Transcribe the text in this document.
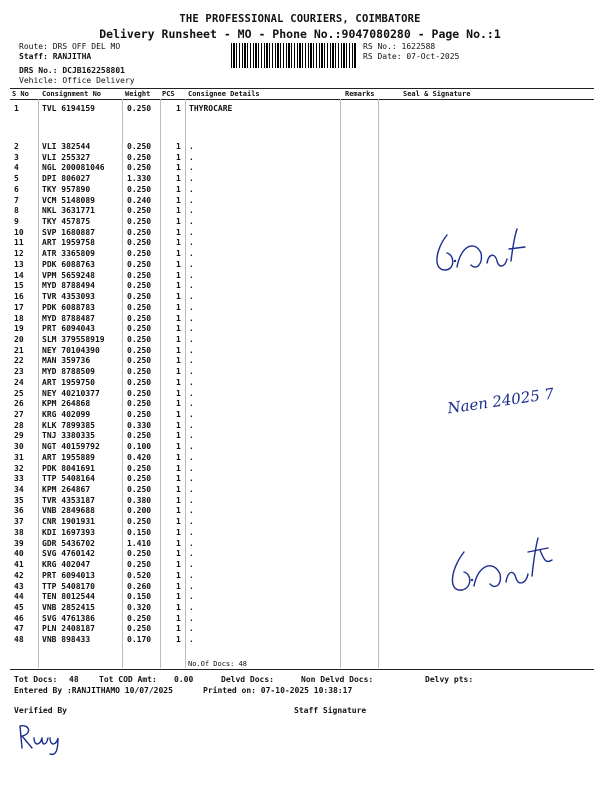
THE PROFESSIONAL COURIERS, COIMBATORE
Delivery Runsheet - MO - Phone No.:9047080280 - Page No.:1
Route: DRS OFF DEL MO
Staff: RANJITHA
DRS No.: DCJB162258801
Vehicle: Office Delivery
RS No.: 1622588
RS Date: 07-Oct-2025
S No Consignment No	Weight PCS Consignee Details	Remarks	Seal & Signature
1	TVL 6194159	0.250	1 THYROCARE
2	VLI 382544	0.250	1 .
3	VLI 255327	0.250	1 .
4	NGL 200081046	0.250	1 .
5	DPI 806027	1.330	1 .
6	TKY 957890	0.250	1 .
7	VCM 5148089	0.240	1 .
8	NKL 3631771	0.250	1 .
9	TKY 457875	0.250	1 .
10 SVP 1680887	0.250	1 .
11 ART 1959758	0.250	1 .
12 ATR 3365809	0.250	1 .
13 PDK 6088763	0.250	1 .
14 VPM 5659248	0.250	1 .
15 MYD 8788494	0.250	1 .
16 TVR 4353093	0.250	1 .
17 PDK 6088783	0.250	1 .
18 MYD 8788487	0.250	1 .
19 PRT 6094043	0.250	1 .
20 SLM 379558919	0.250	1 .
21 NEY 70104390	0.250	1 .
22 MAN 359736	0.250	1 .
23 MYD 8788509	0.250	1 .
24 ART 1959750	0.250	1 .
25 NEY 40210377	0.250	1 .
26 KPM 264868	0.250	1 .
27 KRG 402099	0.250	1 .
28 KLK 7899385	0.330	1 .
29 TNJ 3380335	0.250	1 .
30 NGT 40159792	0.100	1 .
31 ART 1955889	0.420	1 .
32 PDK 8041691	0.250	1 .
33 TTP 5408164	0.250	1 .
34 KPM 264867	0.250	1 .
35 TVR 4353187	0.380	1 .
36 VNB 2849688	0.200	1 .
37 CNR 1901931	0.250	1 .
38 KDI 1697393	0.150	1 .
39 GDR 5436702	1.410	1 .
40 SVG 4760142	0.250	1 .
41 KRG 402047	0.250	1 .
42 PRT 6094013	0.520	1 .
43 TTP 5408170	0.260	1 .
44 TEN 8012544	0.150	1 .
45 VNB 2852415	0.320	1 .
46 SVG 4761386	0.250	1 .
47 PLN 2408187	0.250	1 .
48 VNB 898433	0.170	1 .
No.Of Docs: 48
Tot Docs: 48	Tot COD Amt: 0.00	Delvd Docs:	Non Delvd Docs:	Delvy pts:
Entered By :RANJITHAMO 10/07/2025	Printed on: 07-10-2025 10:38:17
Verified By	Staff Signature
Naen 24025 7
